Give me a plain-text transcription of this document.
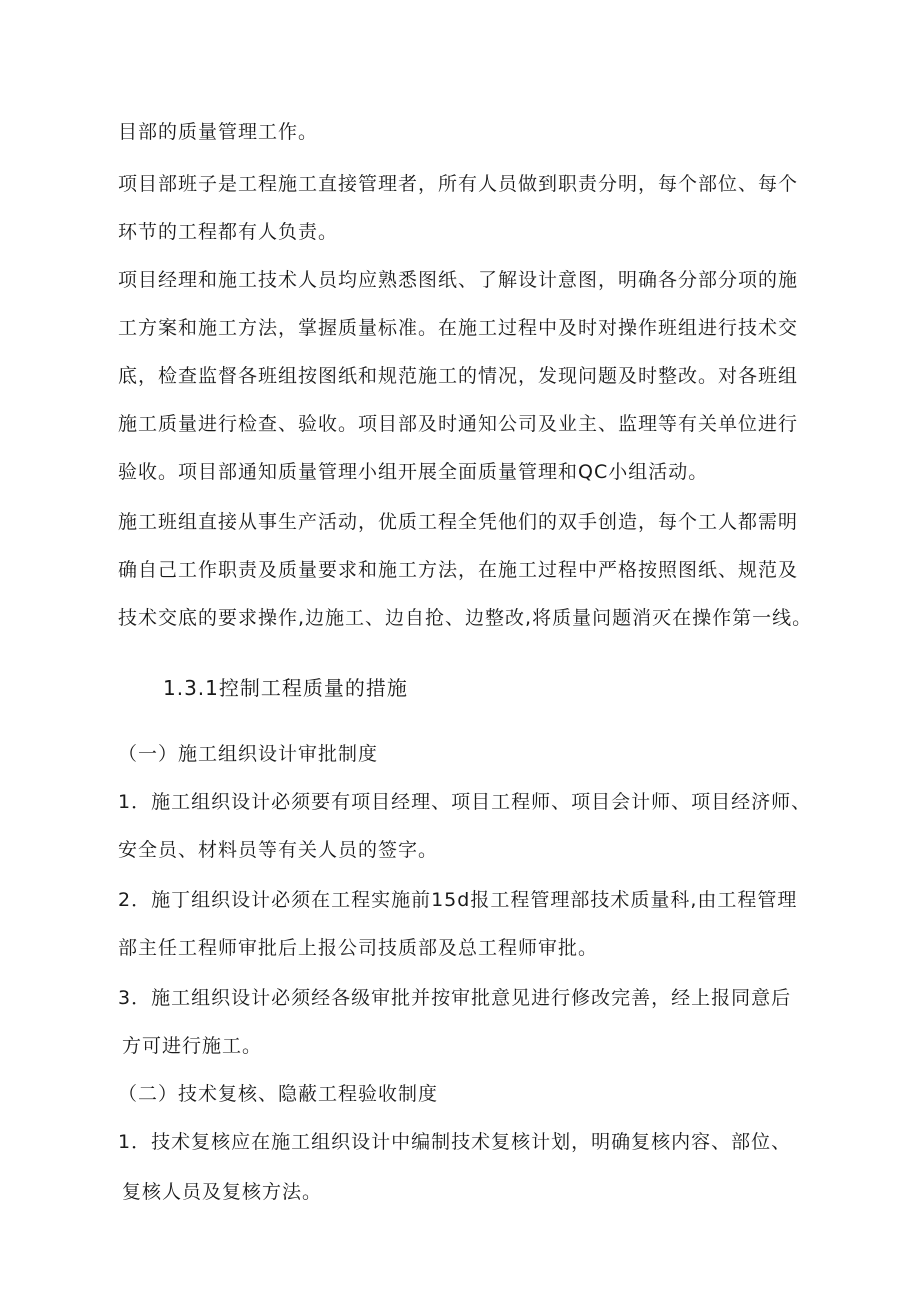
目部的质量管理工作。
项目部班子是工程施工直接管理者，所有人员做到职责分明，每个部位、每个
环节的工程都有人负责。
项目经理和施工技术人员均应熟悉图纸、了解设计意图，明确各分部分项的施
工方案和施工方法，掌握质量标准。在施工过程中及时对操作班组进行技术交
底，检查监督各班组按图纸和规范施工的情况，发现问题及时整改。对各班组
施工质量进行检查、验收。项目部及时通知公司及业主、监理等有关单位进行
验收。项目部通知质量管理小组开展全面质量管理和QC小组活动。
施工班组直接从事生产活动，优质工程全凭他们的双手创造，每个工人都需明
确自己工作职责及质量要求和施工方法，在施工过程中严格按照图纸、规范及
技术交底的要求操作,边施工、边自抢、边整改,将质量问题消灭在操作第一线。
1.3.1控制工程质量的措施
（一）施工组织设计审批制度
1．施工组织设计必须要有项目经理、项目工程师、项目会计师、项目经济师、
安全员、材料员等有关人员的签字。
2．施丁组织设计必须在工程实施前15d报工程管理部技术质量科,由工程管理
部主任工程师审批后上报公司技质部及总工程师审批。
3．施工组织设计必须经各级审批并按审批意见进行修改完善，经上报同意后
方可进行施工。
（二）技术复核、隐蔽工程验收制度
1．技术复核应在施工组织设计中编制技术复核计划，明确复核内容、部位、
复核人员及复核方法。
